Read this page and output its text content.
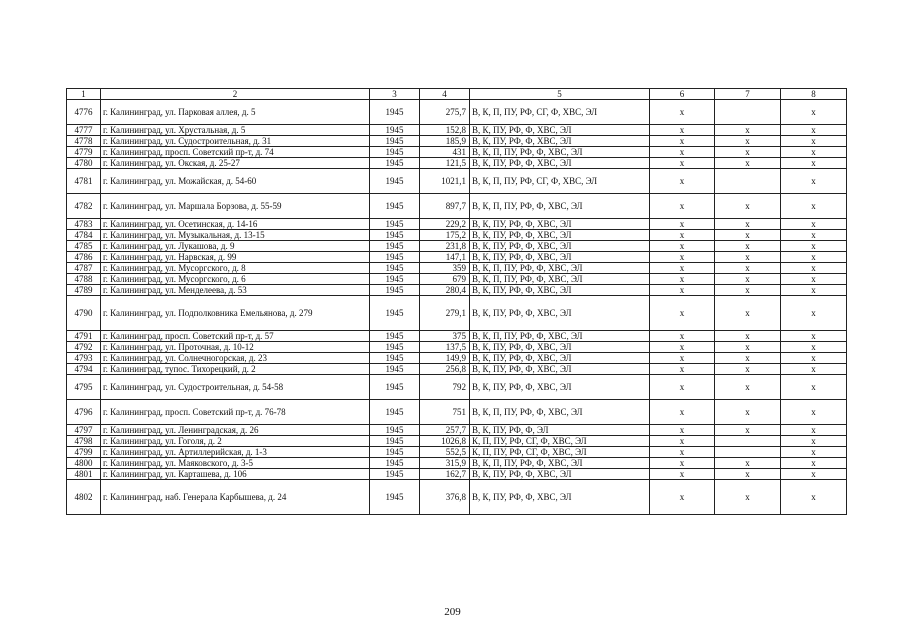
1	2	3	4	5	6	7	8
4776	г. Калининград, ул. Парковая аллея, д. 5	1945	275,7	В, К, П, ПУ, РФ, СГ, Ф, ХВС, ЭЛ	х		х
4777	г. Калининград, ул. Хрустальная, д. 5	1945	152,8	В, К, ПУ, РФ, Ф, ХВС, ЭЛ	х	х	х
4778	г. Калининград, ул. Судостроительная, д. 31	1945	185,9	В, К, ПУ, РФ, Ф, ХВС, ЭЛ	х	х	х
4779	г. Калининград, просп. Советский пр-т, д. 74	1945	431	В, К, П, ПУ, РФ, Ф, ХВС, ЭЛ	х	х	х
4780	г. Калининград, ул. Окская, д. 25-27	1945	121,5	В, К, ПУ, РФ, Ф, ХВС, ЭЛ	х	х	х
4781	г. Калининград, ул. Можайская, д. 54-60	1945	1021,1	В, К, П, ПУ, РФ, СГ, Ф, ХВС, ЭЛ	х		х
4782	г. Калининград, ул. Маршала Борзова, д. 55-59	1945	897,7	В, К, П, ПУ, РФ, Ф, ХВС, ЭЛ	х	х	х
4783	г. Калининград, ул. Осетинская, д. 14-16	1945	229,2	В, К, ПУ, РФ, Ф, ХВС, ЭЛ	х	х	х
4784	г. Калининград, ул. Музыкальная, д. 13-15	1945	175,2	В, К, ПУ, РФ, Ф, ХВС, ЭЛ	х	х	х
4785	г. Калининград, ул. Лукашова, д. 9	1945	231,8	В, К, ПУ, РФ, Ф, ХВС, ЭЛ	х	х	х
4786	г. Калининград, ул. Нарвская, д. 99	1945	147,1	В, К, ПУ, РФ, Ф, ХВС, ЭЛ	х	х	х
4787	г. Калининград, ул. Мусоргского, д. 8	1945	359	В, К, П, ПУ, РФ, Ф, ХВС, ЭЛ	х	х	х
4788	г. Калининград, ул. Мусоргского, д. 6	1945	679	В, К, П, ПУ, РФ, Ф, ХВС, ЭЛ	х	х	х
4789	г. Калининград, ул. Менделеева, д. 53	1945	280,4	В, К, ПУ, РФ, Ф, ХВС, ЭЛ	х	х	х
4790	г. Калининград, ул. Подполковника Емельянова, д. 279	1945	279,1	В, К, ПУ, РФ, Ф, ХВС, ЭЛ	х	х	х
4791	г. Калининград, просп. Советский пр-т, д. 57	1945	375	В, К, П, ПУ, РФ, Ф, ХВС, ЭЛ	х	х	х
4792	г. Калининград, ул. Проточная, д. 10-12	1945	137,5	В, К, ПУ, РФ, Ф, ХВС, ЭЛ	х	х	х
4793	г. Калининград, ул. Солнечногорская, д. 23	1945	149,9	В, К, ПУ, РФ, Ф, ХВС, ЭЛ	х	х	х
4794	г. Калининград, тупос. Тихорецкий, д. 2	1945	256,8	В, К, ПУ, РФ, Ф, ХВС, ЭЛ	х	х	х
4795	г. Калининград, ул. Судостроительная, д. 54-58	1945	792	В, К, ПУ, РФ, Ф, ХВС, ЭЛ	х	х	х
4796	г. Калининград, просп. Советский пр-т, д. 76-78	1945	751	В, К, П, ПУ, РФ, Ф, ХВС, ЭЛ	х	х	х
4797	г. Калининград, ул. Ленинградская, д. 26	1945	257,7	В, К, ПУ, РФ, Ф, ЭЛ	х	х	х
4798	г. Калининград, ул. Гоголя, д. 2	1945	1026,8	К, П, ПУ, РФ, СГ, Ф, ХВС, ЭЛ	х		х
4799	г. Калининград, ул. Артиллерийская, д. 1-3	1945	552,5	К, П, ПУ, РФ, СГ, Ф, ХВС, ЭЛ	х		х
4800	г. Калининград, ул. Маяковского, д. 3-5	1945	315,9	В, К, П, ПУ, РФ, Ф, ХВС, ЭЛ	х	х	х
4801	г. Калининград, ул. Карташева, д. 106	1945	162,7	В, К, ПУ, РФ, Ф, ХВС, ЭЛ	х	х	х
4802	г. Калининград, наб. Генерала Карбышева, д. 24	1945	376,8	В, К, ПУ, РФ, Ф, ХВС, ЭЛ	х	х	х
209
